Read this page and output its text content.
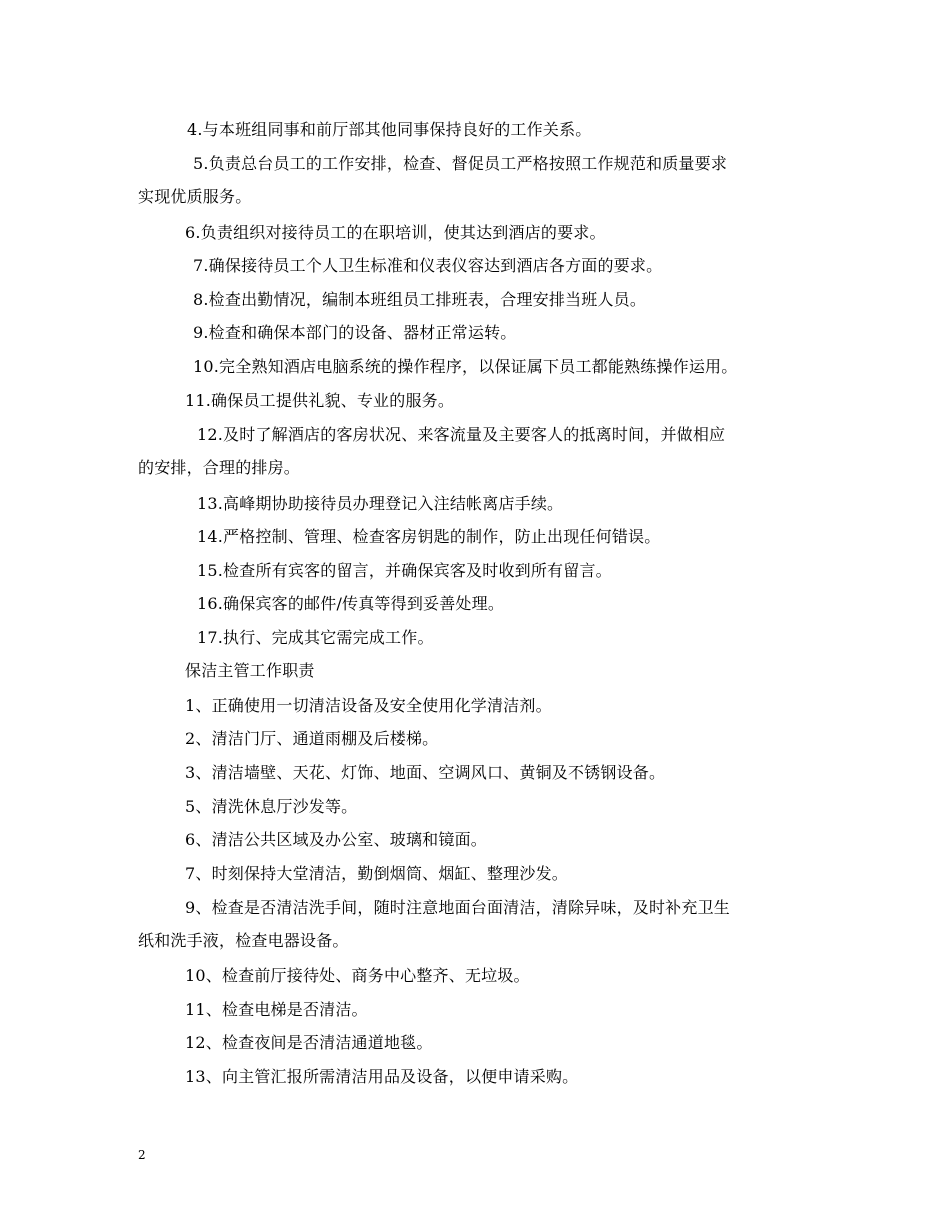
4.与本班组同事和前厅部其他同事保持良好的工作关系。
5.负责总台员工的工作安排，检查、督促员工严格按照工作规范和质量要求
实现优质服务。
6.负责组织对接待员工的在职培训，使其达到酒店的要求。
7.确保接待员工个人卫生标准和仪表仪容达到酒店各方面的要求。
8.检查出勤情况，编制本班组员工排班表，合理安排当班人员。
9.检查和确保本部门的设备、器材正常运转。
10.完全熟知酒店电脑系统的操作程序，以保证属下员工都能熟练操作运用。
11.确保员工提供礼貌、专业的服务。
12.及时了解酒店的客房状况、来客流量及主要客人的抵离时间，并做相应
的安排，合理的排房。
13.高峰期协助接待员办理登记入注结帐离店手续。
14.严格控制、管理、检查客房钥匙的制作，防止出现任何错误。
15.检查所有宾客的留言，并确保宾客及时收到所有留言。
16.确保宾客的邮件/传真等得到妥善处理。
17.执行、完成其它需完成工作。
保洁主管工作职责
1、正确使用一切清洁设备及安全使用化学清洁剂。
2、清洁门厅、通道雨棚及后楼梯。
3、清洁墙壁、天花、灯饰、地面、空调风口、黄铜及不锈钢设备。
5、清洗休息厅沙发等。
6、清洁公共区域及办公室、玻璃和镜面。
7、时刻保持大堂清洁，勤倒烟筒、烟缸、整理沙发。
9、检查是否清洁洗手间，随时注意地面台面清洁，清除异味，及时补充卫生
纸和洗手液，检查电器设备。
10、检查前厅接待处、商务中心整齐、无垃圾。
11、检查电梯是否清洁。
12、检查夜间是否清洁通道地毯。
13、向主管汇报所需清洁用品及设备，以便申请采购。
2
